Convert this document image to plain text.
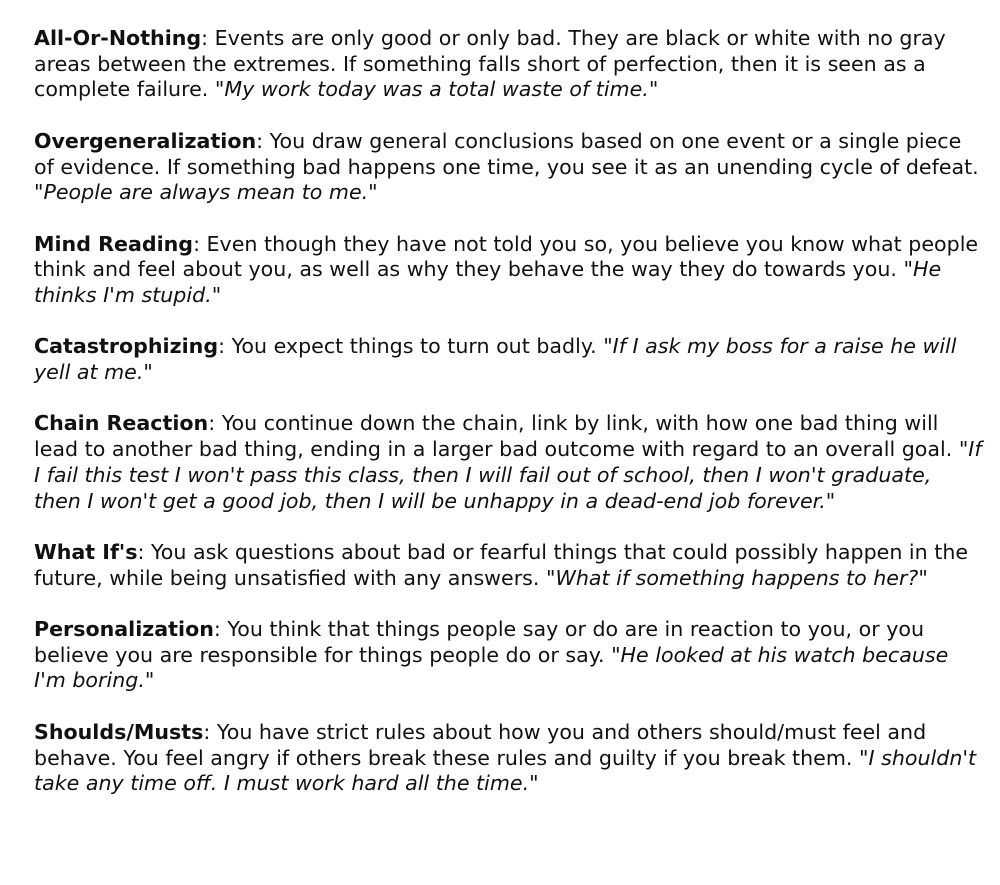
All-Or-Nothing: Events are only good or only bad. They are black or white with no gray areas between the extremes. If something falls short of perfection, then it is seen as a complete failure. "My work today was a total waste of time."

Overgeneralization: You draw general conclusions based on one event or a single piece of evidence. If something bad happens one time, you see it as an unending cycle of defeat. "People are always mean to me."

Mind Reading: Even though they have not told you so, you believe you know what people think and feel about you, as well as why they behave the way they do towards you. "He thinks I'm stupid."

Catastrophizing: You expect things to turn out badly. "If I ask my boss for a raise he will yell at me."

Chain Reaction: You continue down the chain, link by link, with how one bad thing will lead to another bad thing, ending in a larger bad outcome with regard to an overall goal. "If I fail this test I won't pass this class, then I will fail out of school, then I won't graduate, then I won't get a good job, then I will be unhappy in a dead-end job forever."

What If's: You ask questions about bad or fearful things that could possibly happen in the future, while being unsatisfied with any answers. "What if something happens to her?"

Personalization: You think that things people say or do are in reaction to you, or you believe you are responsible for things people do or say. "He looked at his watch because I'm boring."

Shoulds/Musts: You have strict rules about how you and others should/must feel and behave. You feel angry if others break these rules and guilty if you break them. "I shouldn't take any time off. I must work hard all the time."
